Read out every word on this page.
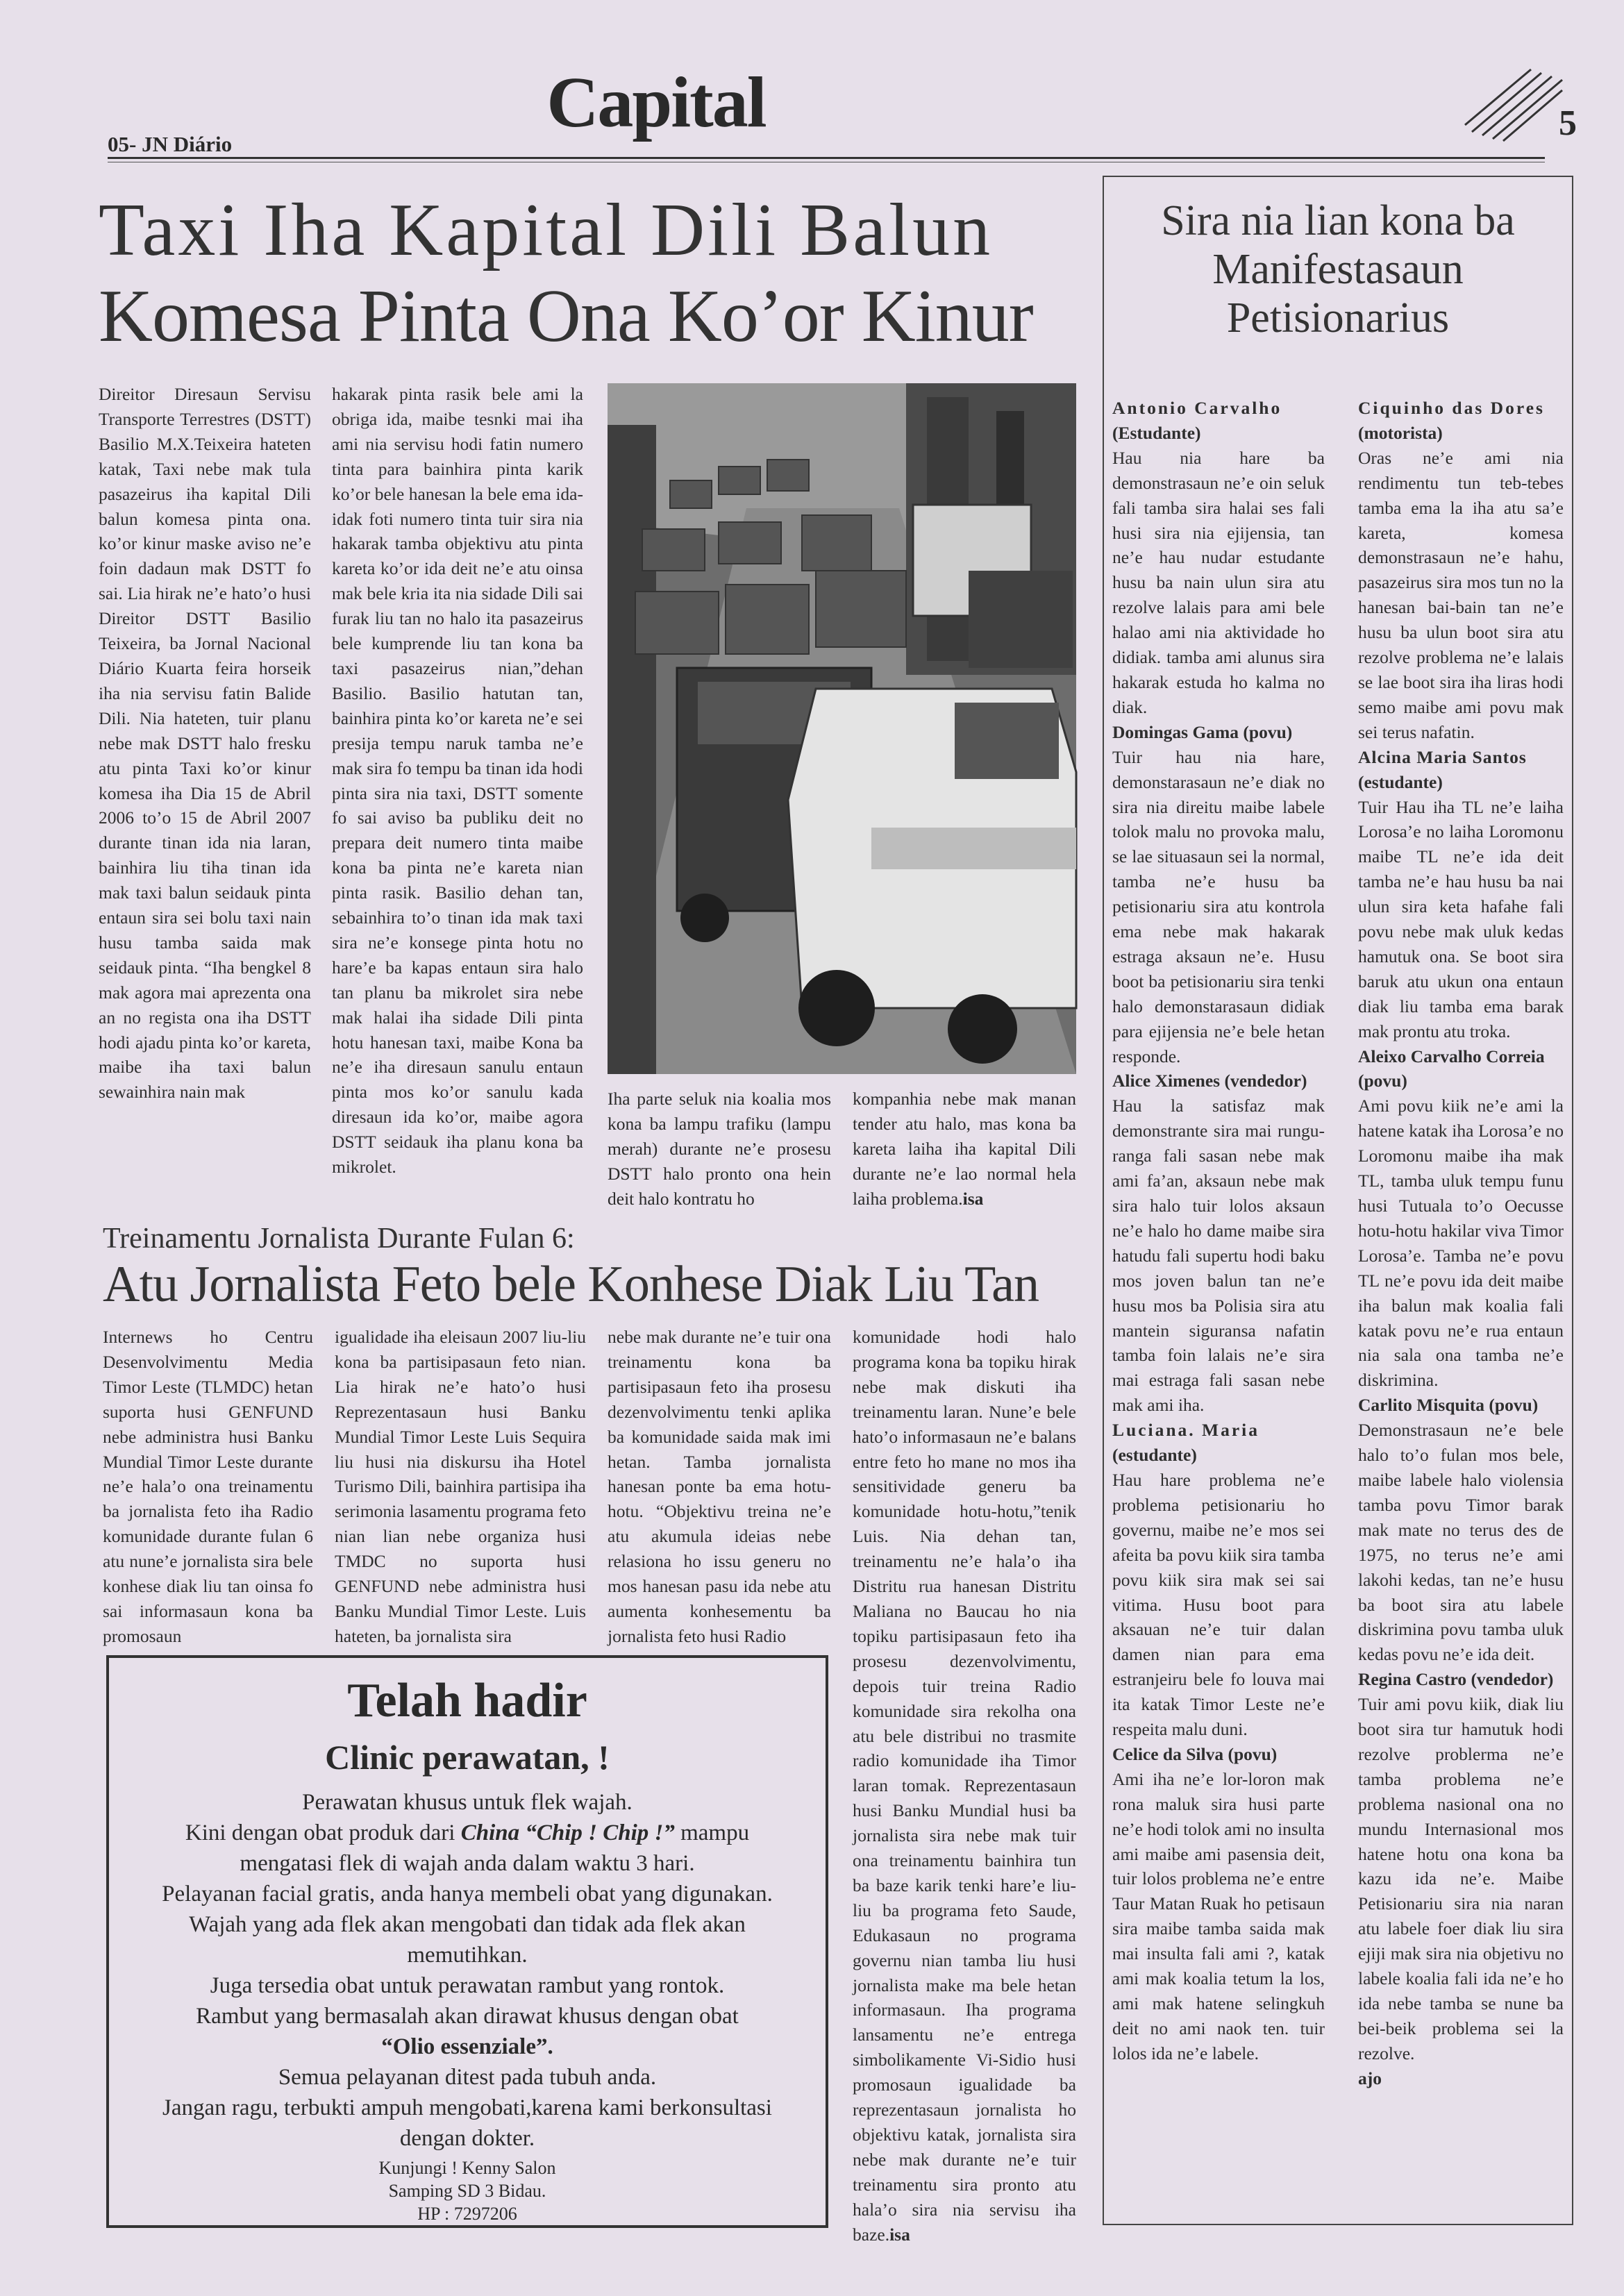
Capital
05- JN Diário
5
Taxi Iha Kapital Dili Balun
Komesa Pinta Ona Ko’or Kinur
Direitor Diresaun Servisu Transporte Terrestres (DSTT) Basilio M.X.Teixeira hateten katak, Taxi nebe mak tula pasazeirus iha kapital Dili balun komesa pinta ona. ko’or kinur maske aviso ne’e foin dadaun mak DSTT fo sai. Lia hirak ne’e hato’o husi Direitor DSTT Basilio Teixeira, ba Jornal Nacional Diário Kuarta feira horseik iha nia servisu fatin Balide Dili. Nia hateten, tuir planu nebe mak DSTT halo fresku atu pinta Taxi ko’or kinur komesa iha Dia 15 de Abril 2006 to’o 15 de Abril 2007 durante tinan ida nia laran, bainhira liu tiha tinan ida mak taxi balun seidauk pinta entaun sira sei bolu taxi nain husu tamba saida mak seidauk pinta. “Iha bengkel 8 mak agora mai aprezenta ona an no regista ona iha DSTT hodi ajadu pinta ko’or kareta, maibe iha taxi balun sewainhira nain mak
hakarak pinta rasik bele ami la obriga ida, maibe tesnki mai iha ami nia servisu hodi fatin numero tinta para bainhira pinta karik ko’or bele hanesan la bele ema ida-idak foti numero tinta tuir sira nia hakarak tamba objektivu atu pinta kareta ko’or ida deit ne’e atu oinsa mak bele kria ita nia sidade Dili sai furak liu tan no halo ita pasazeirus bele kumprende liu tan kona ba taxi pasazeirus nian,”dehan Basilio. Basilio hatutan tan, bainhira pinta ko’or kareta ne’e sei presija tempu naruk tamba ne’e mak sira fo tempu ba tinan ida hodi pinta sira nia taxi, DSTT somente fo sai aviso ba publiku deit no prepara deit numero tinta maibe kona ba pinta ne’e kareta nian pinta rasik. Basilio dehan tan, sebainhira to’o tinan ida mak taxi sira ne’e konsege pinta hotu no hare’e ba kapas entaun sira halo tan planu ba mikrolet sira nebe mak halai iha sidade Dili pinta hotu hanesan taxi, maibe Kona ba ne’e iha diresaun sanulu entaun pinta mos ko’or sanulu kada diresaun ida ko’or, maibe agora DSTT seidauk iha planu kona ba mikrolet.
Iha parte seluk nia koalia mos kona ba lampu trafiku (lampu merah) durante ne’e prosesu DSTT halo pronto ona hein deit halo kontratu ho
kompanhia nebe mak manan tender atu halo, mas kona ba kareta laiha iha kapital Dili durante ne’e lao normal hela laiha problema.isa
Treinamentu Jornalista Durante Fulan 6:
Atu Jornalista Feto bele Konhese Diak Liu Tan
Internews ho Centru Desenvolvimentu Media Timor Leste (TLMDC) hetan suporta husi GENFUND nebe administra husi Banku Mundial Timor Leste durante ne’e hala’o ona treinamentu ba jornalista feto iha Radio komunidade durante fulan 6 atu nune’e jornalista sira bele konhese diak liu tan oinsa fo sai informasaun kona ba promosaun
igualidade iha eleisaun 2007 liu-liu kona ba partisipasaun feto nian. Lia hirak ne’e hato’o husi Reprezentasaun husi Banku Mundial Timor Leste Luis Sequira liu husi nia diskursu iha Hotel Turismo Dili, bainhira partisipa iha serimonia lasamentu programa feto nian lian nebe organiza husi TMDC no suporta husi GENFUND nebe administra husi Banku Mundial Timor Leste. Luis hateten, ba jornalista sira
nebe mak durante ne’e tuir ona treinamentu kona ba partisipasaun feto iha prosesu dezenvolvimentu tenki aplika ba komunidade saida mak imi hetan. Tamba jornalista hanesan ponte ba ema hotu-hotu. “Objektivu treina ne’e atu akumula ideias nebe relasiona ho issu generu no mos hanesan pasu ida nebe atu aumenta konhesementu ba jornalista feto husi Radio
komunidade hodi halo programa kona ba topiku hirak nebe mak diskuti iha treinamentu laran. Nune’e bele hato’o informasaun ne’e balans entre feto ho mane no mos iha sensitividade generu ba komunidade hotu-hotu,”tenik Luis. Nia dehan tan, treinamentu ne’e hala’o iha Distritu rua hanesan Distritu Maliana no Baucau ho nia topiku partisipasaun feto iha prosesu dezenvolvimentu, depois tuir treina Radio komunidade sira rekolha ona atu bele distribui no trasmite radio komunidade iha Timor laran tomak. Reprezentasaun husi Banku Mundial husi ba jornalista sira nebe mak tuir ona treinamentu bainhira tun ba baze karik tenki hare’e liu-liu ba programa feto Saude, Edukasaun no programa governu nian tamba liu husi jornalista make ma bele hetan informasaun. Iha programa lansamentu ne’e entrega simbolikamente Vi-Sidio husi promosaun igualidade ba reprezentasaun jornalista ho objektivu katak, jornalista sira nebe mak durante ne’e tuir treinamentu sira pronto atu hala’o sira nia servisu iha baze.isa
Telah hadir
Clinic perawatan, !
Perawatan khusus untuk flek wajah.
Kini dengan obat produk dari China “Chip ! Chip !” mampu
mengatasi flek di wajah anda dalam waktu 3 hari.
Pelayanan facial gratis, anda hanya membeli obat yang digunakan.
Wajah yang ada flek akan mengobati dan tidak ada flek akan
memutihkan.
Juga tersedia obat untuk perawatan rambut yang rontok.
Rambut yang bermasalah akan dirawat khusus dengan obat
“Olio essenziale”.
Semua pelayanan ditest pada tubuh anda.
Jangan ragu, terbukti ampuh mengobati,karena kami berkonsultasi
dengan dokter.
Kunjungi ! Kenny Salon
Samping SD 3 Bidau.
HP : 7297206
Sira nia lian kona ba Manifestasaun Petisionarius
Antonio Carvalho
(Estudante)
Hau nia hare ba demonstrasaun ne’e oin seluk fali tamba sira halai ses fali husi sira nia ejijensia, tan ne’e hau nudar estudante husu ba nain ulun sira atu rezolve lalais para ami bele halao ami nia aktividade ho didiak. tamba ami alunus sira hakarak estuda ho kalma no diak.
Domingas Gama (povu)
Tuir hau nia hare, demonstarasaun ne’e diak no sira nia direitu maibe labele tolok malu no provoka malu, se lae situasaun sei la normal, tamba ne’e husu ba petisionariu sira atu kontrola ema nebe mak hakarak estraga aksaun ne’e. Husu boot ba petisionariu sira tenki halo demonstarasaun didiak para ejijensia ne’e bele hetan responde.
Alice Ximenes (vendedor)
Hau la satisfaz mak demonstrante sira mai rungu-ranga fali sasan nebe mak ami fa’an, aksaun nebe mak sira halo tuir lolos aksaun ne’e halo ho dame maibe sira hatudu fali supertu hodi baku mos joven balun tan ne’e husu mos ba Polisia sira atu mantein siguransa nafatin tamba foin lalais ne’e sira mai estraga fali sasan nebe mak ami iha.
Luciana. Maria
(estudante)
Hau hare problema ne’e problema petisionariu ho governu, maibe ne’e mos sei afeita ba povu kiik sira tamba povu kiik sira mak sei sai vitima. Husu boot para aksauan ne’e tuir dalan damen nian para ema estranjeiru bele fo louva mai ita katak Timor Leste ne’e respeita malu duni.
Celice da Silva (povu)
Ami iha ne’e lor-loron mak rona maluk sira husi parte ne’e hodi tolok ami no insulta ami maibe ami pasensia deit, tuir lolos problema ne’e entre Taur Matan Ruak ho petisaun sira maibe tamba saida mak mai insulta fali ami ?, katak ami mak koalia tetum la los, ami mak hatene selingkuh deit no ami naok ten. tuir lolos ida ne’e labele.
Ciquinho das Dores
(motorista)
Oras ne’e ami nia rendimentu tun teb-tebes tamba ema la iha atu sa’e kareta, komesa demonstrasaun ne’e hahu, pasazeirus sira mos tun no la hanesan bai-bain tan ne’e husu ba ulun boot sira atu rezolve problema ne’e lalais se lae boot sira iha liras hodi semo maibe ami povu mak sei terus nafatin.
Alcina Maria Santos
(estudante)
Tuir Hau iha TL ne’e laiha Lorosa’e no laiha Loromonu maibe TL ne’e ida deit tamba ne’e hau husu ba nai ulun sira keta hafahe fali povu nebe mak uluk kedas hamutuk ona. Se boot sira baruk atu ukun ona entaun diak liu tamba ema barak mak prontu atu troka.
Aleixo Carvalho Correia
(povu)
Ami povu kiik ne’e ami la hatene katak iha Lorosa’e no Loromonu maibe iha mak TL, tamba uluk tempu funu husi Tutuala to’o Oecusse hotu-hotu hakilar viva Timor Lorosa’e. Tamba ne’e povu TL ne’e povu ida deit maibe iha balun mak koalia fali katak povu ne’e rua entaun nia sala ona tamba ne’e diskrimina.
Carlito Misquita (povu)
Demonstrasaun ne’e bele halo to’o fulan mos bele, maibe labele halo violensia tamba povu Timor barak mak mate no terus des de 1975, no terus ne’e ami lakohi kedas, tan ne’e husu ba boot sira atu labele diskrimina povu tamba uluk kedas povu ne’e ida deit.
Regina Castro (vendedor)
Tuir ami povu kiik, diak liu boot sira tur hamutuk hodi rezolve problerma ne’e tamba problema ne’e problema nasional ona no mundu Internasional mos hatene hotu ona kona ba kazu ida ne’e. Maibe Petisionariu sira nia naran atu labele foer diak liu sira ejiji mak sira nia objetivu no labele koalia fali ida ne’e ho ida nebe tamba se nune ba bei-beik problema sei la rezolve.
ajo
